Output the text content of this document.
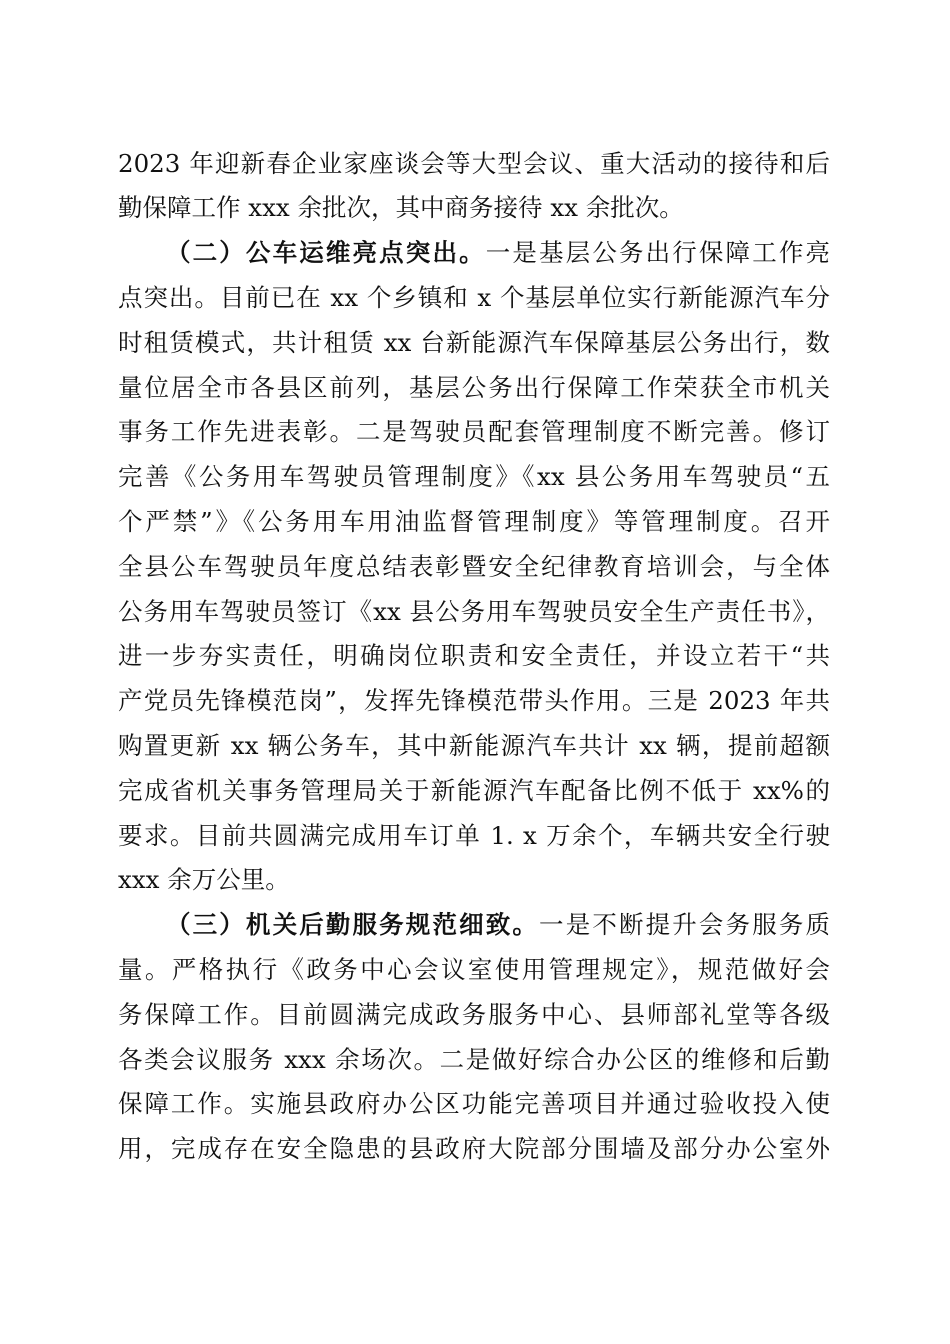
2023 年迎新春企业家座谈会等大型会议、重大活动的接待和后
勤保障工作 xxx 余批次，其中商务接待 xx 余批次。
（二）公车运维亮点突出。一是基层公务出行保障工作亮
点突出。目前已在 xx 个乡镇和 x 个基层单位实行新能源汽车分
时租赁模式，共计租赁 xx 台新能源汽车保障基层公务出行，数
量位居全市各县区前列，基层公务出行保障工作荣获全市机关
事务工作先进表彰。二是驾驶员配套管理制度不断完善。修订
完善《公务用车驾驶员管理制度》《xx 县公务用车驾驶员“五
个严禁”》《公务用车用油监督管理制度》等管理制度。召开
全县公车驾驶员年度总结表彰暨安全纪律教育培训会，与全体
公务用车驾驶员签订《xx 县公务用车驾驶员安全生产责任书》，
进一步夯实责任，明确岗位职责和安全责任，并设立若干“共
产党员先锋模范岗”，发挥先锋模范带头作用。三是 2023 年共
购置更新 xx 辆公务车，其中新能源汽车共计 xx 辆，提前超额
完成省机关事务管理局关于新能源汽车配备比例不低于 xx%的
要求。目前共圆满完成用车订单 1. x 万余个，车辆共安全行驶
xxx 余万公里。
（三）机关后勤服务规范细致。一是不断提升会务服务质
量。严格执行《政务中心会议室使用管理规定》，规范做好会
务保障工作。目前圆满完成政务服务中心、县师部礼堂等各级
各类会议服务 xxx 余场次。二是做好综合办公区的维修和后勤
保障工作。实施县政府办公区功能完善项目并通过验收投入使
用，完成存在安全隐患的县政府大院部分围墙及部分办公室外
